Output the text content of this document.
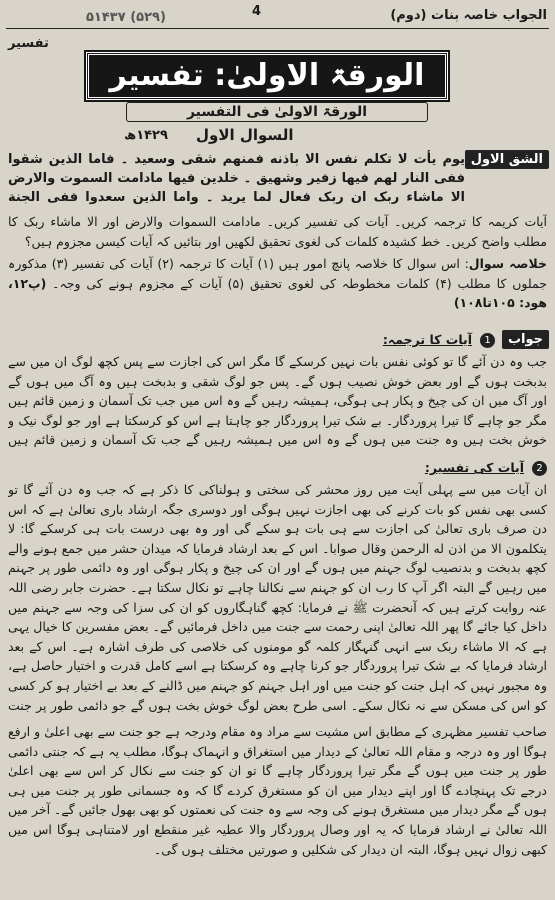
الجواب خاصہ بنات (دوم)
4
(۵۲۹) ۵۱۴۳۷
تفسیر
الورقۃ الاولیٰ: تفسیر
الورقۃ الاولیٰ فی التفسیر
السوال الاول
۱۴۲۹ھ
الشق الاول
یوم یأت لا تکلم نفس الا باذنه فمنهم شقی وسعید ۔ فاما الذین شقوا ففی النار لهم فیها زفیر وشهیق ۔ خلدین فیها مادامت السموت والارض الا ماشاء ربک ان ربک فعال لما یرید ۔ واما الذین سعدوا ففی الجنة
آیات کریمہ کا ترجمہ کریں۔ آیات کی تفسیر کریں۔ مادامت السموات والارض اور الا ماشاء ربک کا مطلب واضح کریں۔ خط کشیدہ کلمات کی لغوی تحقیق لکھیں اور بتائیں کہ آیات کیسں مجزوم ہیں؟
خلاصہ سوال: اس سوال کا خلاصہ پانچ امور ہیں (۱) آیات کا ترجمہ (۲) آیات کی تفسیر (۳) مذکورہ جملوں کا مطلب (۴) کلمات مخطوطہ کی لغوی تحقیق (۵) آیات کے مجزوم ہونے کی وجہ۔ (پ۱۲، ھود: ۱۰۵تا۱۰۸)
جواب
1 آیات کا ترجمہ:
جب وہ دن آئے گا تو کوئی نفس بات نہیں کرسکے گا مگر اس کی اجازت سے پس کچھ لوگ ان میں سے بدبخت ہوں گے اور بعض خوش نصیب ہوں گے۔ پس جو لوگ شقی و بدبخت ہیں وہ آگ میں ہوں گے اور آگ میں ان کی چیخ و پکار ہی ہوگی، ہمیشہ رہیں گے وہ اس میں جب تک آسمان و زمین قائم ہیں مگر جو چاہے گا تیرا پروردگار۔ بے شک تیرا پروردگار جو چاہتا ہے اس کو کرسکتا ہے اور جو لوگ نیک و خوش بخت ہیں وہ جنت میں ہوں گے وہ اس میں ہمیشہ رہیں گے جب تک آسمان و زمین قائم ہیں
2 آیات کی تفسیر:
ان آیات میں سے پہلی آیت میں روز محشر کی سختی و ہولناکی کا ذکر ہے کہ جب وہ دن آئے گا تو کسی بھی نفس کو بات کرنے کی بھی اجازت نہیں ہوگی اور دوسری جگہ ارشاد باری تعالیٰ ہے کہ اس دن صرف باری تعالیٰ کی اجازت سے ہی بات ہو سکے گی اور وہ بھی درست بات ہی کرسکے گا: لا یتکلمون الا من اذن له الرحمن وقال صوابا۔ اس کے بعد ارشاد فرمایا کہ میدان حشر میں جمع ہونے والے کچھ بدبخت و بدنصیب لوگ جہنم میں ہوں گے اور ان کی چیخ و پکار ہوگی اور وہ دائمی طور پر جہنم میں رہیں گے البتہ اگر آپ کا رب ان کو جہنم سے نکالنا چاہے تو نکال سکتا ہے۔ حضرت جابر رضی اللہ عنہ روایت کرتے ہیں کہ آنحضرت ﷺ نے فرمایا: کچھ گناہگاروں کو ان کی سزا کی وجہ سے جہنم میں داخل کیا جائے گا پھر اللہ تعالیٰ اپنی رحمت سے جنت میں داخل فرمائیں گے۔ بعض مفسرین کا خیال یہی ہے کہ الا ماشاء ربک سے انہی گنہگار کلمہ گو مومنوں کی خلاصی کی طرف اشارہ ہے۔ اس کے بعد ارشاد فرمایا کہ بے شک تیرا پروردگار جو کرنا چاہے وہ کرسکتا ہے اسے کامل قدرت و اختیار حاصل ہے، وہ مجبور نہیں کہ اہل جنت کو جنت میں اور اہل جہنم کو جہنم میں ڈالنے کے بعد بے اختیار ہو کر کسی کو اس کی مسکن سے نہ نکال سکے۔ اسی طرح بعض لوگ خوش بخت ہوں گے جو دائمی طور پر جنت
صاحب تفسیر مظہری کے مطابق اس مشیت سے مراد وہ مقام ودرجہ ہے جو جنت سے بھی اعلیٰ و ارفع ہوگا اور وہ درجہ و مقام اللہ تعالیٰ کے دیدار میں استغراق و انہماک ہوگا، مطلب یہ ہے کہ جنتی دائمی طور پر جنت میں ہوں گے مگر تیرا پروردگار چاہے گا تو ان کو جنت سے نکال کر اس سے بھی اعلیٰ درجے تک پہنچادے گا اور اپنے دیدار میں ان کو مستغرق کردے گا کہ وہ جسمانی طور پر جنت میں ہی ہوں گے مگر دیدار میں مستغرق ہونے کی وجہ سے وہ جنت کی نعمتوں کو بھی بھول جائیں گے۔ آخر میں اللہ تعالیٰ نے ارشاد فرمایا کہ یہ اور وصال پروردگار والا عطیہ غیر منقطع اور لامتناہی ہوگا اس میں کبھی زوال نہیں ہوگا، البتہ ان دیدار کی شکلیں و صورتیں مختلف ہوں گی۔
